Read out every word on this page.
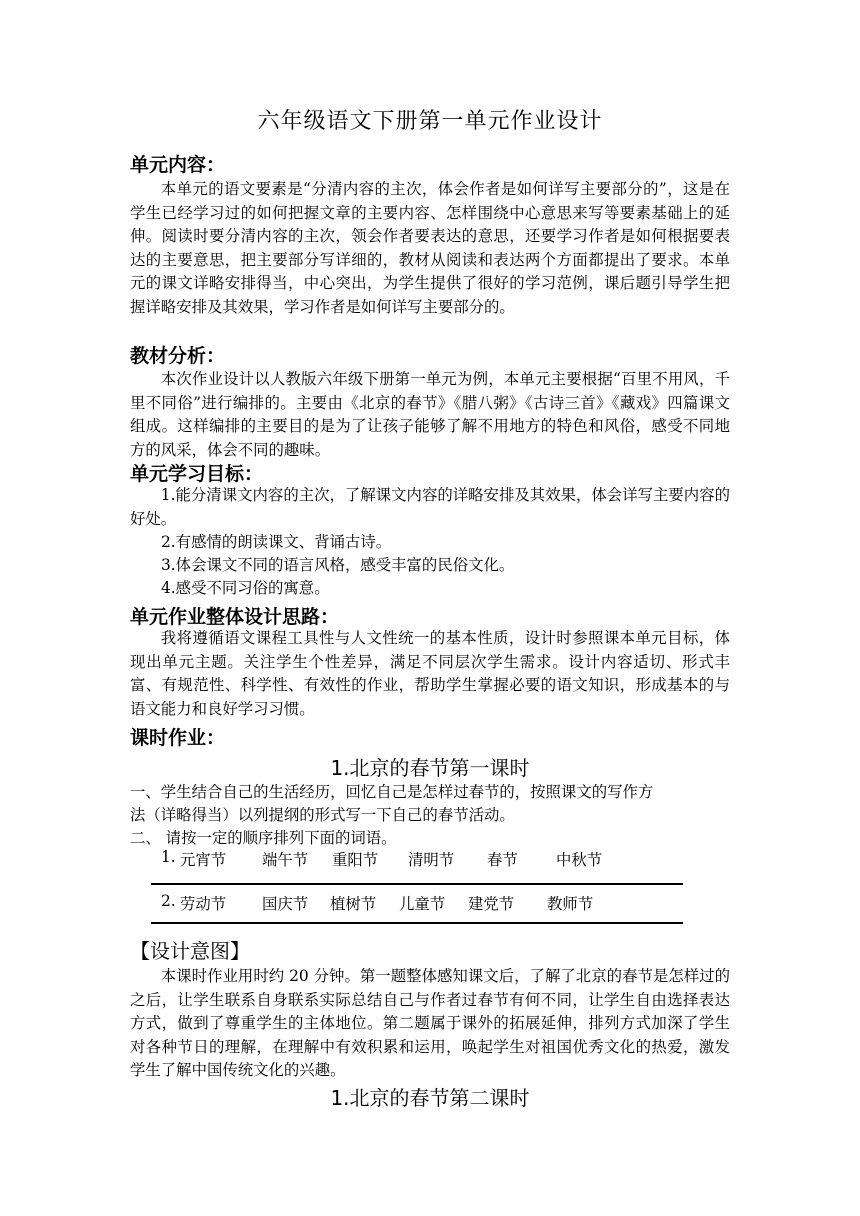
六年级语文下册第一单元作业设计
单元内容：

本单元的语文要素是“分清内容的主次，体会作者是如何详写主要部分的”，这是在学生已经学习过的如何把握文章的主要内容、怎样围绕中心意思来写等要素基础上的延伸。阅读时要分清内容的主次，领会作者要表达的意思，还要学习作者是如何根据要表达的主要意思，把主要部分写详细的，教材从阅读和表达两个方面都提出了要求。本单元的课文详略安排得当，中心突出，为学生提供了很好的学习范例，课后题引导学生把握详略安排及其效果，学习作者是如何详写主要部分的。

教材分析：

本次作业设计以人教版六年级下册第一单元为例，本单元主要根据“百里不用风，千里不同俗”进行编排的。主要由《北京的春节》《腊八粥》《古诗三首》《藏戏》四篇课文组成。这样编排的主要目的是为了让孩子能够了解不用地方的特色和风俗，感受不同地方的风采，体会不同的趣味。

单元学习目标：

1.能分清课文内容的主次，了解课文内容的详略安排及其效果，体会详写主要内容的好处。

2.有感情的朗读课文、背诵古诗。
3.体会课文不同的语言风格，感受丰富的民俗文化。
4.感受不同习俗的寓意。
单元作业整体设计思路：

我将遵循语文课程工具性与人文性统一的基本性质，设计时参照课本单元目标，体现出单元主题。关注学生个性差异，满足不同层次学生需求。设计内容适切、形式丰富、有规范性、科学性、有效性的作业，帮助学生掌握必要的语文知识，形成基本的与语文能力和良好学习习惯。

课时作业：
1.北京的春节第一课时
一、学生结合自己的生活经历，回忆自己是怎样过春节的，按照课文的写作方
法（详略得当）以列提纲的形式写一下自己的春节活动。
二、 请按一定的顺序排列下面的词语。
1. 元宵节 端午节 重阳节 清明节 春节 中秋节
2. 劳动节 国庆节 植树节 儿童节 建党节 教师节
【设计意图】

本课时作业用时约 20 分钟。第一题整体感知课文后，了解了北京的春节是怎样过的之后，让学生联系自身联系实际总结自己与作者过春节有何不同，让学生自由选择表达方式，做到了尊重学生的主体地位。第二题属于课外的拓展延伸，排列方式加深了学生对各种节日的理解，在理解中有效积累和运用，唤起学生对祖国优秀文化的热爱，激发学生了解中国传统文化的兴趣。

1.北京的春节第二课时
